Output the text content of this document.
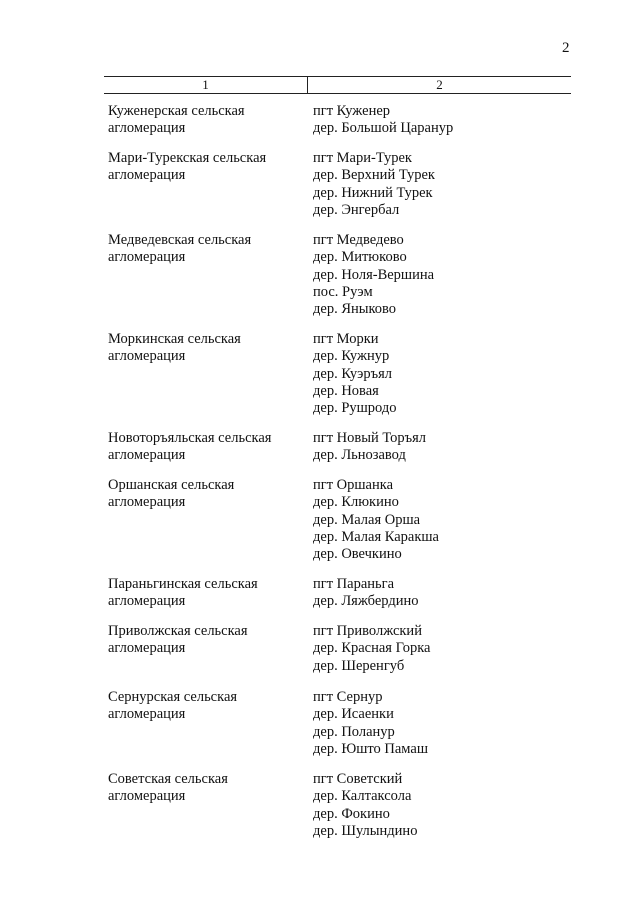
2
1	2
Куженерская сельская
агломерация
пгт Куженер
дер. Большой Царанур
Мари-Турекская сельская
агломерация
пгт Мари-Турек
дер. Верхний Турек
дер. Нижний Турек
дер. Энгербал
Медведевская сельская
агломерация
пгт Медведево
дер. Митюково
дер. Ноля-Вершина
пос. Руэм
дер. Яныково
Моркинская сельская
агломерация
пгт Морки
дер. Кужнур
дер. Куэръял
дер. Новая
дер. Рушродо
Новоторъяльская сельская
агломерация
пгт Новый Торъял
дер. Льнозавод
Оршанская сельская
агломерация
пгт Оршанка
дер. Клюкино
дер. Малая Орша
дер. Малая Каракша
дер. Овечкино
Параньгинская сельская
агломерация
пгт Параньга
дер. Ляжбердино
Приволжская сельская
агломерация
пгт Приволжский
дер. Красная Горка
дер. Шеренгуб
Сернурская сельская
агломерация
пгт Сернур
дер. Исаенки
дер. Поланур
дер. Юшто Памаш
Советская сельская
агломерация
пгт Советский
дер. Калтаксола
дер. Фокино
дер. Шулындино
